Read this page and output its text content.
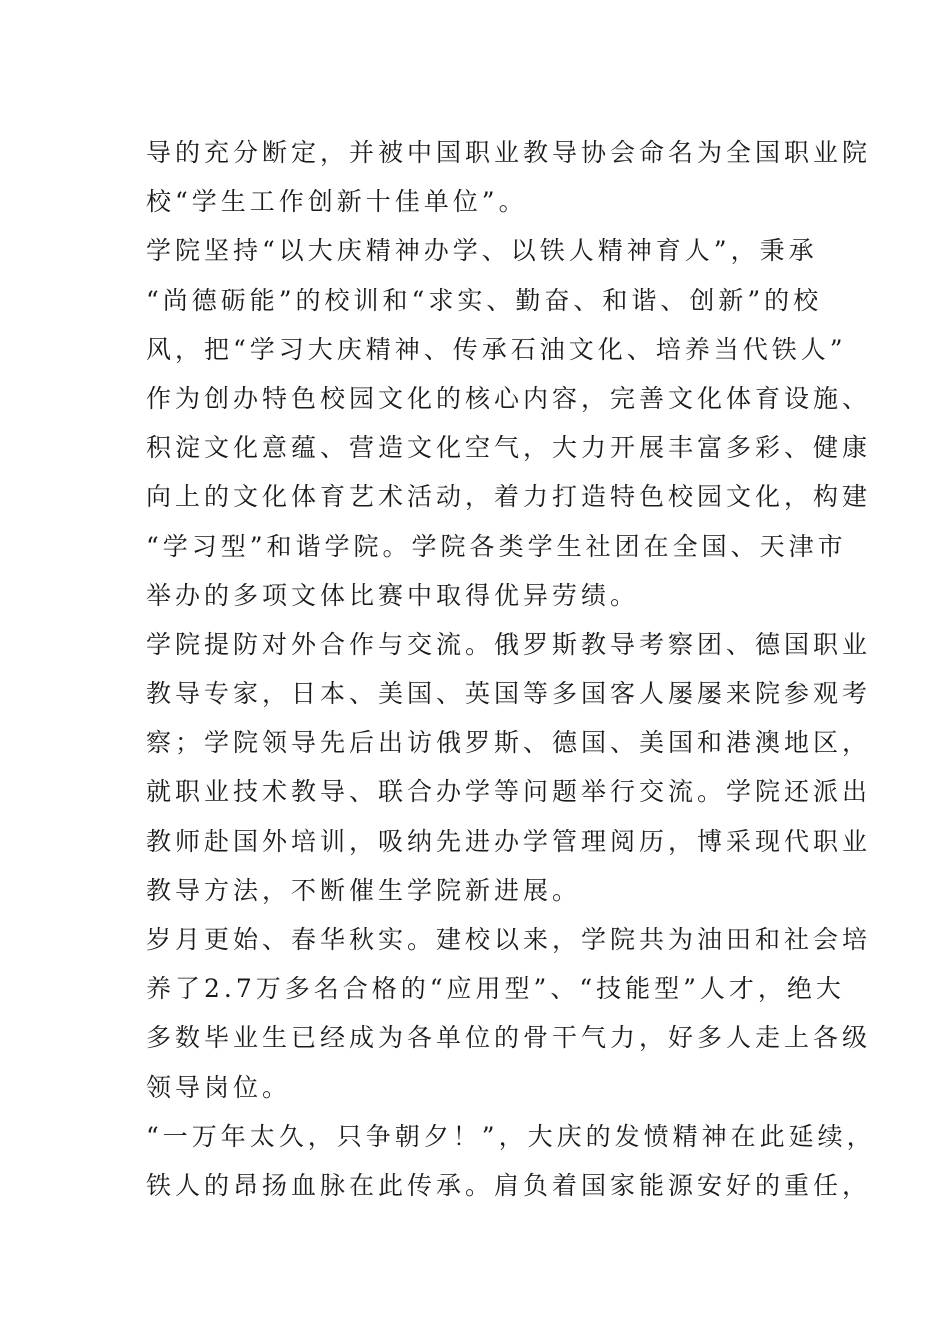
导的充分断定，并被中国职业教导协会命名为全国职业院
校“学生工作创新十佳单位”。
学院坚持“以大庆精神办学、以铁人精神育人”，秉承
“尚德砺能”的校训和“求实、勤奋、和谐、创新”的校
风，把“学习大庆精神、传承石油文化、培养当代铁人”
作为创办特色校园文化的核心内容，完善文化体育设施、
积淀文化意蕴、营造文化空气，大力开展丰富多彩、健康
向上的文化体育艺术活动，着力打造特色校园文化，构建
“学习型”和谐学院。学院各类学生社团在全国、天津市
举办的多项文体比赛中取得优异劳绩。
学院提防对外合作与交流。俄罗斯教导考察团、德国职业
教导专家，日本、美国、英国等多国客人屡屡来院参观考
察；学院领导先后出访俄罗斯、德国、美国和港澳地区，
就职业技术教导、联合办学等问题举行交流。学院还派出
教师赴国外培训，吸纳先进办学管理阅历，博采现代职业
教导方法，不断催生学院新进展。
岁月更始、春华秋实。建校以来，学院共为油田和社会培
养了2.7万多名合格的“应用型”、“技能型”人才，绝大
多数毕业生已经成为各单位的骨干气力，好多人走上各级
领导岗位。
“一万年太久，只争朝夕！”，大庆的发愤精神在此延续，
铁人的昂扬血脉在此传承。肩负着国家能源安好的重任，
